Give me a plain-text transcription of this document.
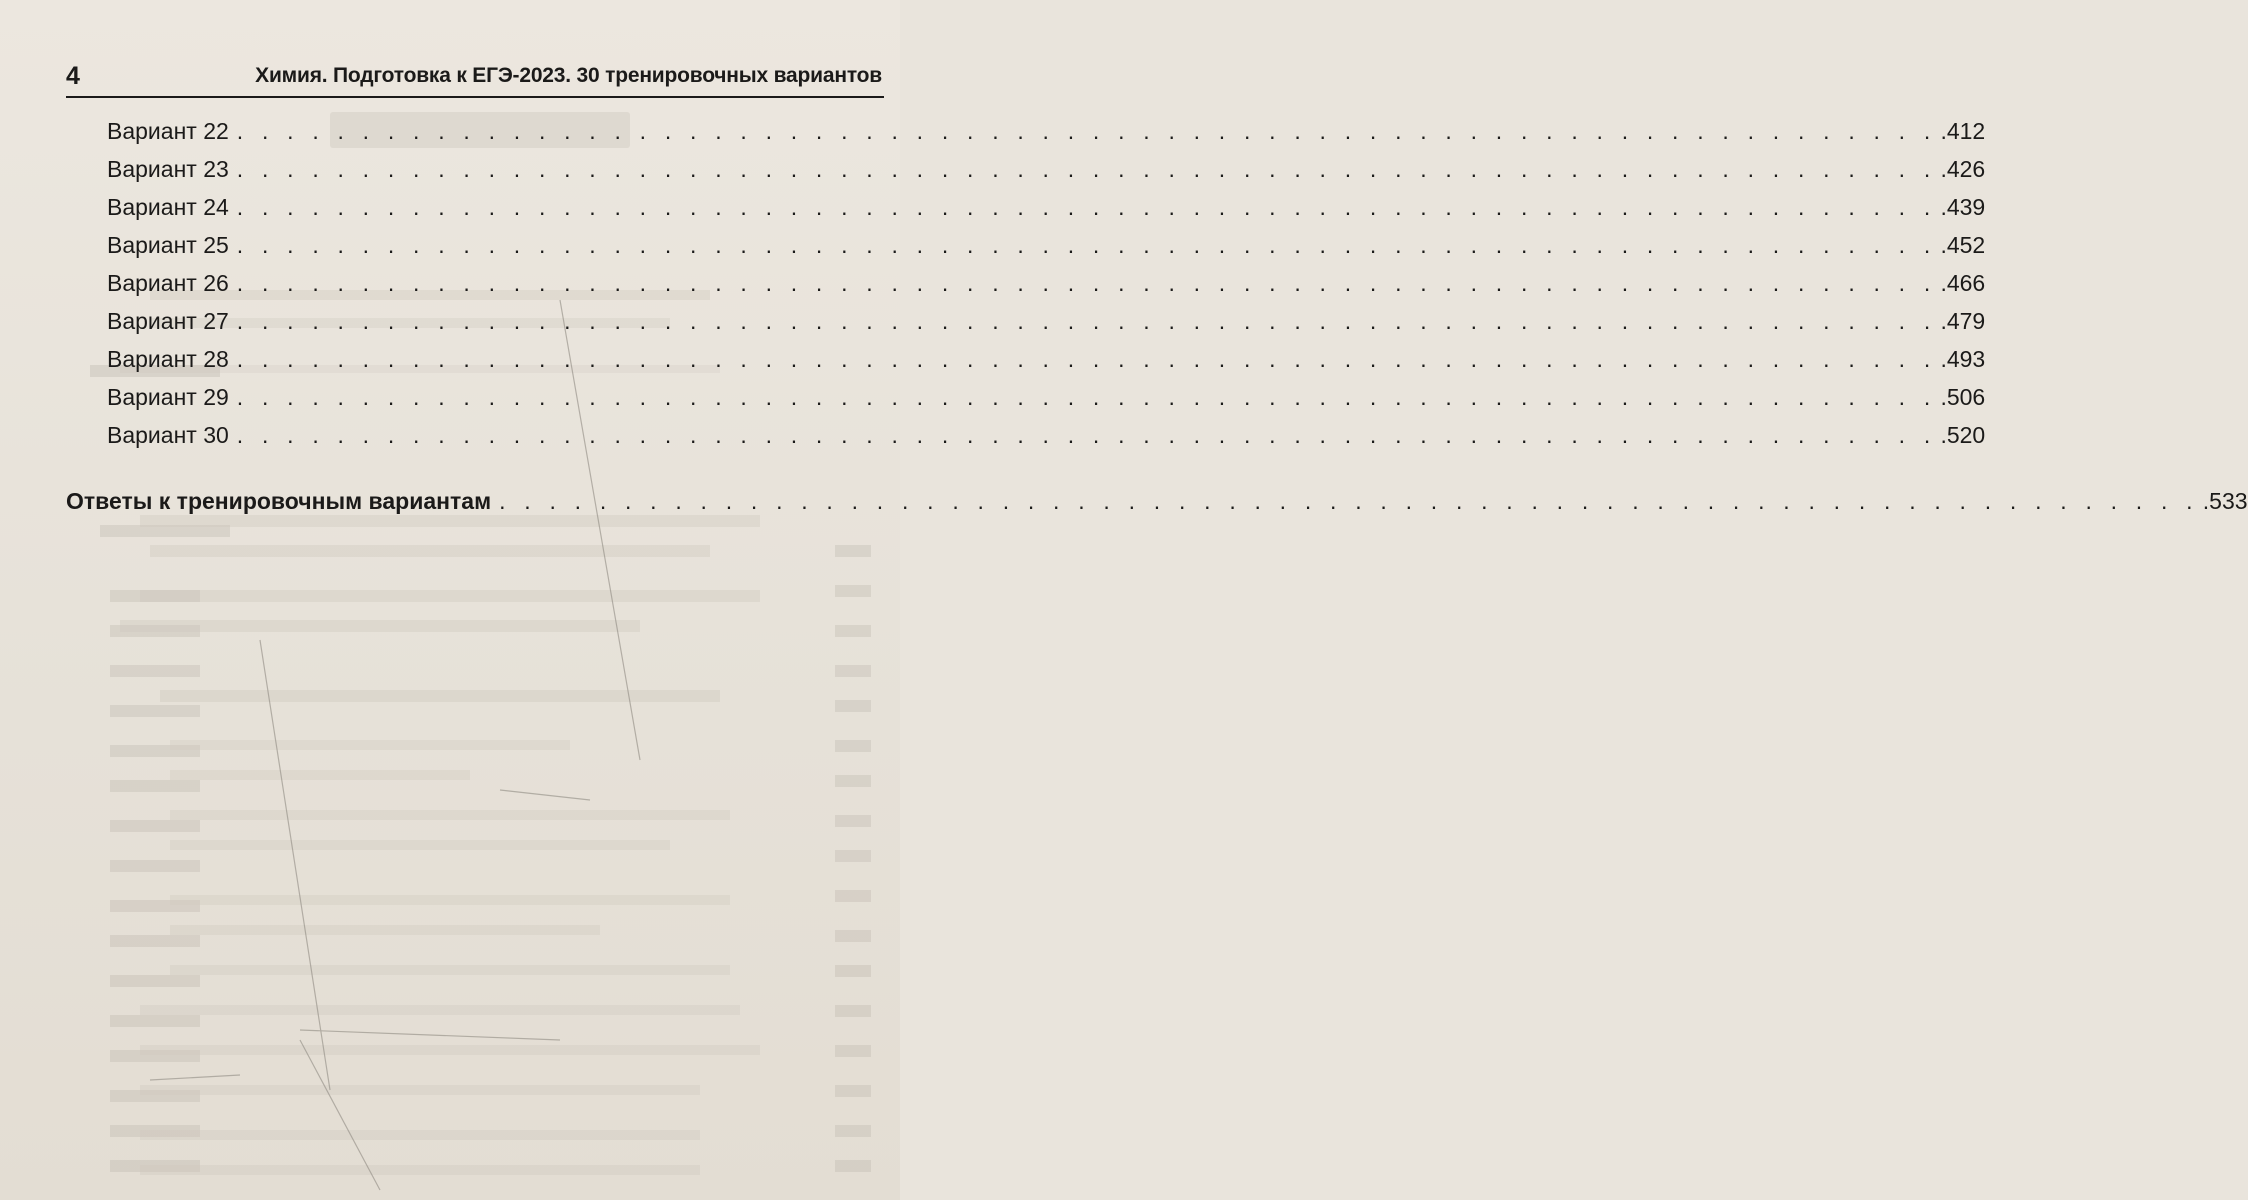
4	Химия. Подготовка к ЕГЭ-2023. 30 тренировочных вариантов
Вариант 22 . . . . . . . . . . . . . . . . . . . . . . . . . . . . . . . . . . . . . . . . . . . . . . . . . . . . . . . . . . . . . . . . . . . . .412
Вариант 23 . . . . . . . . . . . . . . . . . . . . . . . . . . . . . . . . . . . . . . . . . . . . . . . . . . . . . . . . . . . . . . . . . . . . .426
Вариант 24 . . . . . . . . . . . . . . . . . . . . . . . . . . . . . . . . . . . . . . . . . . . . . . . . . . . . . . . . . . . . . . . . . . . . .439
Вариант 25 . . . . . . . . . . . . . . . . . . . . . . . . . . . . . . . . . . . . . . . . . . . . . . . . . . . . . . . . . . . . . . . . . . . . .452
Вариант 26 . . . . . . . . . . . . . . . . . . . . . . . . . . . . . . . . . . . . . . . . . . . . . . . . . . . . . . . . . . . . . . . . . . . . .466
Вариант 27 . . . . . . . . . . . . . . . . . . . . . . . . . . . . . . . . . . . . . . . . . . . . . . . . . . . . . . . . . . . . . . . . . . . . .479
Вариант 28 . . . . . . . . . . . . . . . . . . . . . . . . . . . . . . . . . . . . . . . . . . . . . . . . . . . . . . . . . . . . . . . . . . . . .493
Вариант 29 . . . . . . . . . . . . . . . . . . . . . . . . . . . . . . . . . . . . . . . . . . . . . . . . . . . . . . . . . . . . . . . . . . . . .506
Вариант 30 . . . . . . . . . . . . . . . . . . . . . . . . . . . . . . . . . . . . . . . . . . . . . . . . . . . . . . . . . . . . . . . . . . . . .520
Ответы к тренировочным вариантам . . . . . . . . . . . . . . . . . . . . . . . . . . . . . . . . . . . . . . . . . . . . . . . . . . . . . . . . . . . . . . . . . . . . .533
